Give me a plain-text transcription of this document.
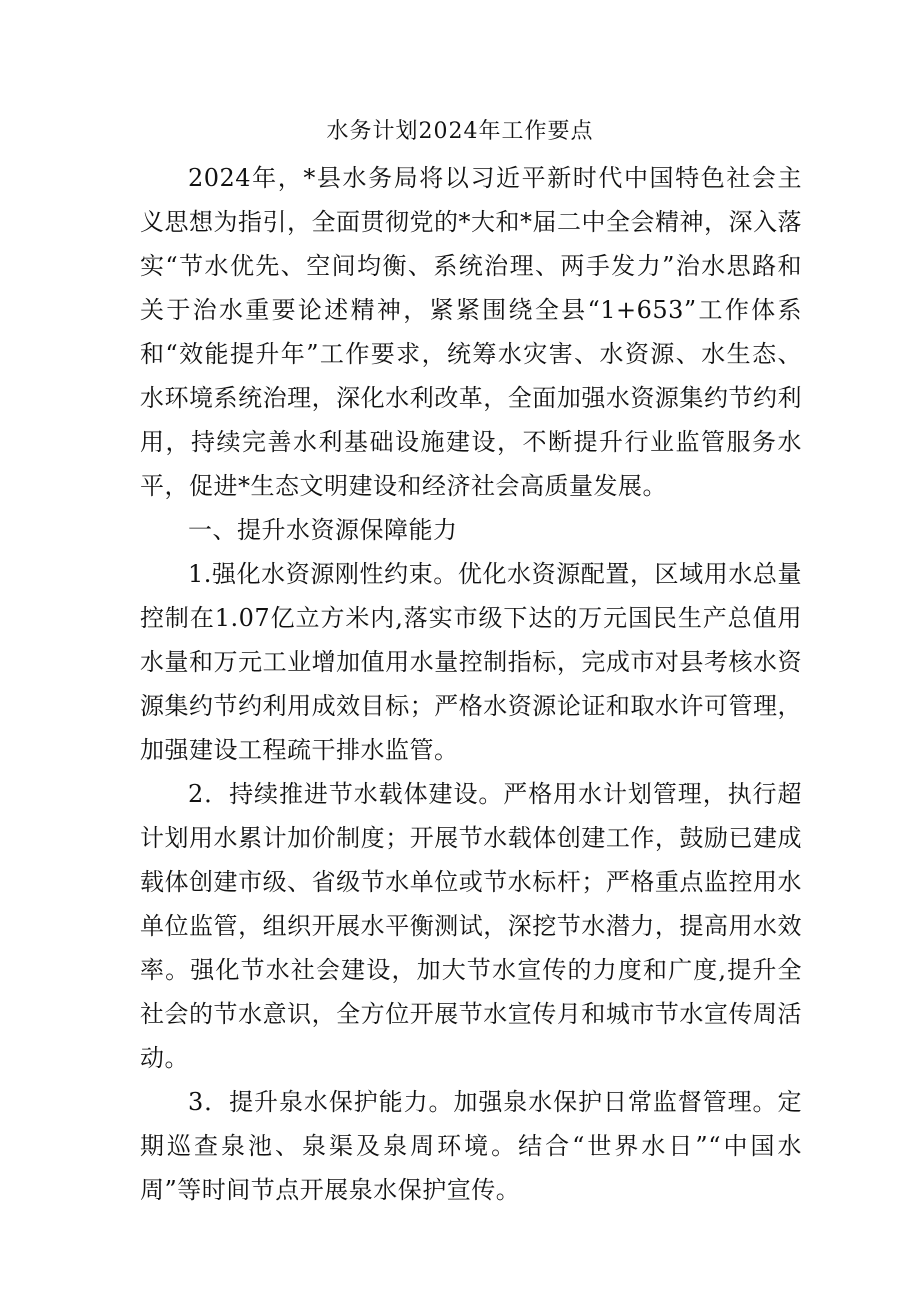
水务计划2024年工作要点

2024年，*县水务局将以习近平新时代中国特色社会主义思想为指引，全面贯彻党的*大和*届二中全会精神，深入落实“节水优先、空间均衡、系统治理、两手发力”治水思路和关于治水重要论述精神，紧紧围绕全县“1+653”工作体系和“效能提升年”工作要求，统筹水灾害、水资源、水生态、水环境系统治理，深化水利改革，全面加强水资源集约节约利用，持续完善水利基础设施建设，不断提升行业监管服务水平，促进*生态文明建设和经济社会高质量发展。

一、提升水资源保障能力

1.强化水资源刚性约束。优化水资源配置，区域用水总量控制在1.07亿立方米内,落实市级下达的万元国民生产总值用水量和万元工业增加值用水量控制指标，完成市对县考核水资源集约节约利用成效目标；严格水资源论证和取水许可管理，加强建设工程疏干排水监管。

2．持续推进节水载体建设。严格用水计划管理，执行超计划用水累计加价制度；开展节水载体创建工作，鼓励已建成载体创建市级、省级节水单位或节水标杆；严格重点监控用水单位监管，组织开展水平衡测试，深挖节水潜力，提高用水效率。强化节水社会建设，加大节水宣传的力度和广度,提升全社会的节水意识，全方位开展节水宣传月和城市节水宣传周活动。

3．提升泉水保护能力。加强泉水保护日常监督管理。定期巡查泉池、泉渠及泉周环境。结合“世界水日”“中国水周”等时间节点开展泉水保护宣传。
